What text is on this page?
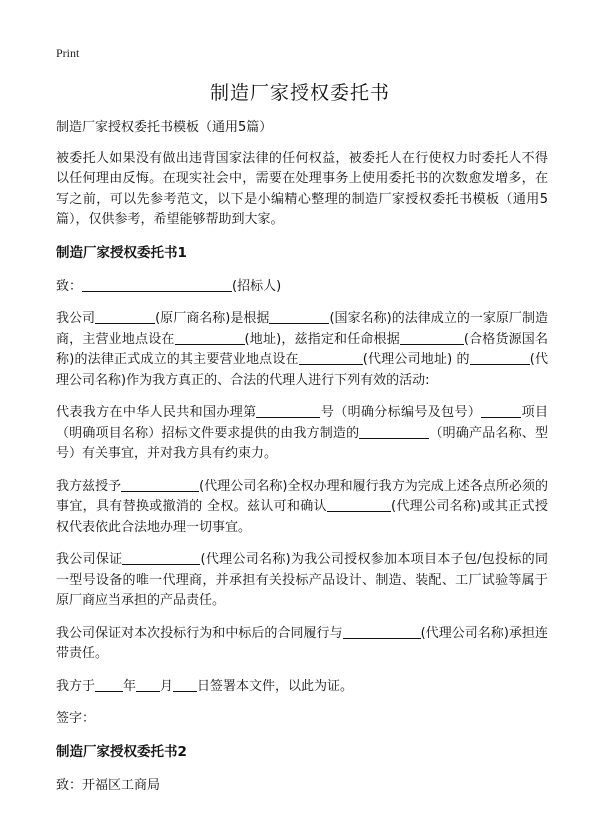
Print
制造厂家授权委托书

制造厂家授权委托书模板（通用5篇）

被委托人如果没有做出违背国家法律的任何权益，被委托人在行使权力时委托人不得以任何理由反悔。在现实社会中，需要在处理事务上使用委托书的次数愈发增多，在写之前，可以先参考范文，以下是小编精心整理的制造厂家授权委托书模板（通用5篇），仅供参考，希望能够帮助到大家。

制造厂家授权委托书1

致：	(招标人)

我公司	(原厂商名称)是根据	(国家名称)的法律成立的一家原厂制造商，主营业地点设在	(地址)，兹指定和任命根据	(合格货源国名称)的法律正式成立的其主要营业地点设在	(代理公司地址) 的	(代理公司名称)作为我方真正的、合法的代理人进行下列有效的活动:

代表我方在中华人民共和国办理第	号（明确分标编号及包号）	项目（明确项目名称）招标文件要求提供的由我方制造的	（明确产品名称、型号）有关事宜，并对我方具有约束力。

我方兹授予	(代理公司名称)全权办理和履行我方为完成上述各点所必须的事宜，具有替换或撤消的 全权。兹认可和确认	(代理公司名称)或其正式授权代表依此合法地办理一切事宜。

我公司保证	(代理公司名称)为我公司授权参加本项目本子包/包投标的同一型号设备的唯一代理商，并承担有关投标产品设计、制造、装配、工厂试验等属于原厂商应当承担的产品责任。

我公司保证对本次投标行为和中标后的合同履行与	(代理公司名称)承担连带责任。

我方于 年 月 日签署本文件，以此为证。

签字：

制造厂家授权委托书2

致：开福区工商局
